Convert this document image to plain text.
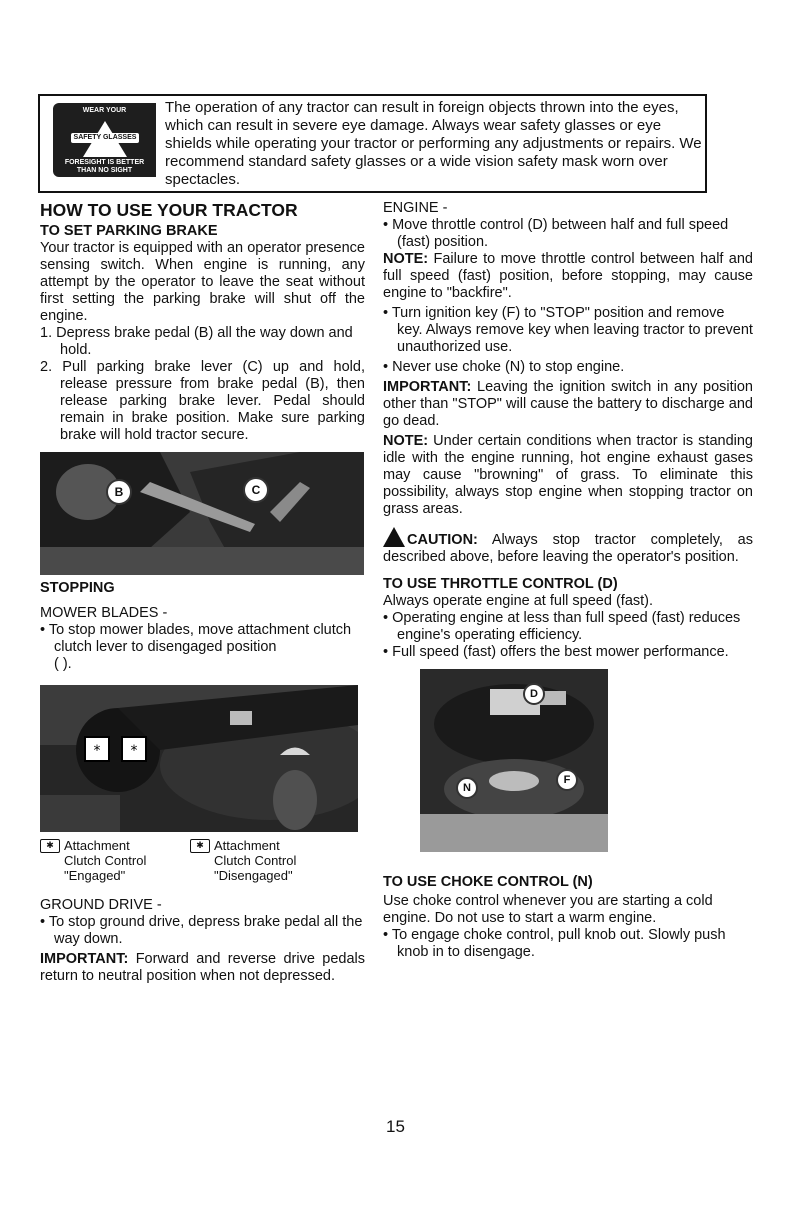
WEAR YOUR
SAFETY GLASSES
FORESIGHT IS BETTER
THAN NO SIGHT

The operation of any tractor can result in foreign objects thrown into the eyes, which can result in severe eye damage. Always wear safety glasses or eye shields while operating your tractor or performing any adjustments or repairs. We recommend standard safety glasses or a wide vision safety mask worn over spectacles.

HOW TO USE YOUR TRACTOR

TO SET PARKING BRAKE

Your tractor is equipped with an operator presence sensing switch. When engine is running, any attempt by the operator to leave the seat without first setting the parking brake will shut off the engine.

1. Depress brake pedal (B) all the way down and hold.

2. Pull parking brake lever (C) up and hold, release pressure from brake pedal (B), then release parking brake lever. Pedal should remain in brake position. Make sure parking brake will hold tractor secure.

B	C

STOPPING

MOWER BLADES -

• To stop mower blades, move attachment clutch clutch lever to disengaged position

( ).

* *
✱ Attachment
Clutch Control
"Engaged"
✱ Attachment
Clutch Control
"Disengaged"

GROUND DRIVE -

• To stop ground drive, depress brake pedal all the way down.

IMPORTANT: Forward and reverse drive pedals return to neutral position when not depressed.

ENGINE -

• Move throttle control (D) between half and full speed (fast) position.

NOTE: Failure to move throttle control between half and full speed (fast) position, before stopping, may cause engine to "backfire".

• Turn ignition key (F) to "STOP" position and remove key. Always remove key when leaving tractor to prevent unauthorized use.

• Never use choke (N) to stop engine.

IMPORTANT: Leaving the ignition switch in any position other than "STOP" will cause the battery to discharge and go dead.

NOTE: Under certain conditions when tractor is standing idle with the engine running, hot engine exhaust gases may cause "browning" of grass. To eliminate this possibility, always stop engine when stopping tractor on grass areas.

CAUTION: Always stop tractor completely, as described above, before leaving the operator's position.

TO USE THROTTLE CONTROL (D)

Always operate engine at full speed (fast).

• Operating engine at less than full speed (fast) reduces engine's operating efficiency.

• Full speed (fast) offers the best mower performance.

D
N
F

TO USE CHOKE CONTROL (N)

Use choke control whenever you are starting a cold engine. Do not use to start a warm engine.

• To engage choke control, pull knob out. Slowly push knob in to disengage.

15
